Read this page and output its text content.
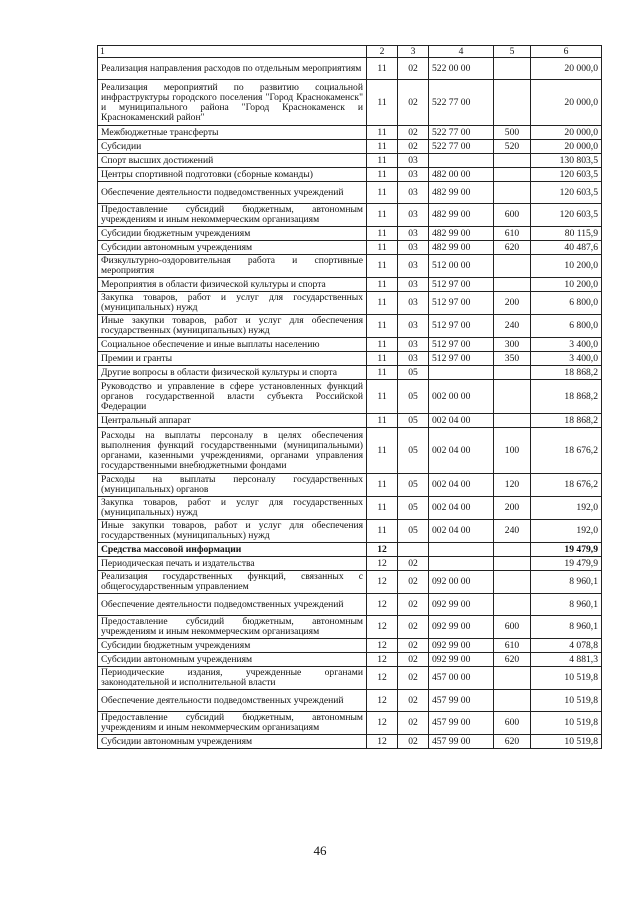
1	2	3	4	5	6
Реализация направления расходов по отдельным мероприятиям	11	02	522 00 00		20 000,0
Реализация мероприятий по развитию социальной инфраструктуры городского поселения "Город Краснокаменск" и муниципального района "Город Краснокаменск и Краснокаменский район"	11	02	522 77 00		20 000,0
Межбюджетные трансферты	11	02	522 77 00	500	20 000,0
Субсидии	11	02	522 77 00	520	20 000,0
Спорт высших достижений	11	03			130 803,5
Центры спортивной подготовки (сборные команды)	11	03	482 00 00		120 603,5
Обеспечение деятельности подведомственных учреждений	11	03	482 99 00		120 603,5
Предоставление субсидий бюджетным, автономным учреждениям и иным некоммерческим организациям	11	03	482 99 00	600	120 603,5
Субсидии бюджетным учреждениям	11	03	482 99 00	610	80 115,9
Субсидии автономным учреждениям	11	03	482 99 00	620	40 487,6
Физкультурно-оздоровительная работа и спортивные мероприятия	11	03	512 00 00		10 200,0
Мероприятия в области физической культуры и спорта	11	03	512 97 00		10 200,0
Закупка товаров, работ и услуг для государственных (муниципальных) нужд	11	03	512 97 00	200	6 800,0
Иные закупки товаров, работ и услуг для обеспечения государственных (муниципальных) нужд	11	03	512 97 00	240	6 800,0
Социальное обеспечение и иные выплаты населению	11	03	512 97 00	300	3 400,0
Премии и гранты	11	03	512 97 00	350	3 400,0
Другие вопросы в области физической культуры и спорта	11	05			18 868,2
Руководство и управление в сфере установленных функций органов государственной власти субъекта Российской Федерации	11	05	002 00 00		18 868,2
Центральный аппарат	11	05	002 04 00		18 868,2
Расходы на выплаты персоналу в целях обеспечения выполнения функций государственными (муниципальными) органами, казенными учреждениями, органами управления государственными внебюджетными фондами	11	05	002 04 00	100	18 676,2
Расходы на выплаты персоналу государственных (муниципальных) органов	11	05	002 04 00	120	18 676,2
Закупка товаров, работ и услуг для государственных (муниципальных) нужд	11	05	002 04 00	200	192,0
Иные закупки товаров, работ и услуг для обеспечения государственных (муниципальных) нужд	11	05	002 04 00	240	192,0
Средства массовой информации	12				19 479,9
Периодическая печать и издательства	12	02			19 479,9
Реализация государственных функций, связанных с общегосударственным управлением	12	02	092 00 00		8 960,1
Обеспечение деятельности подведомственных учреждений	12	02	092 99 00		8 960,1
Предоставление субсидий бюджетным, автономным учреждениям и иным некоммерческим организациям	12	02	092 99 00	600	8 960,1
Субсидии бюджетным учреждениям	12	02	092 99 00	610	4 078,8
Субсидии автономным учреждениям	12	02	092 99 00	620	4 881,3
Периодические издания, учрежденные органами законодательной и исполнительной власти	12	02	457 00 00		10 519,8
Обеспечение деятельности подведомственных учреждений	12	02	457 99 00		10 519,8
Предоставление субсидий бюджетным, автономным учреждениям и иным некоммерческим организациям	12	02	457 99 00	600	10 519,8
Субсидии автономным учреждениям	12	02	457 99 00	620	10 519,8
46
